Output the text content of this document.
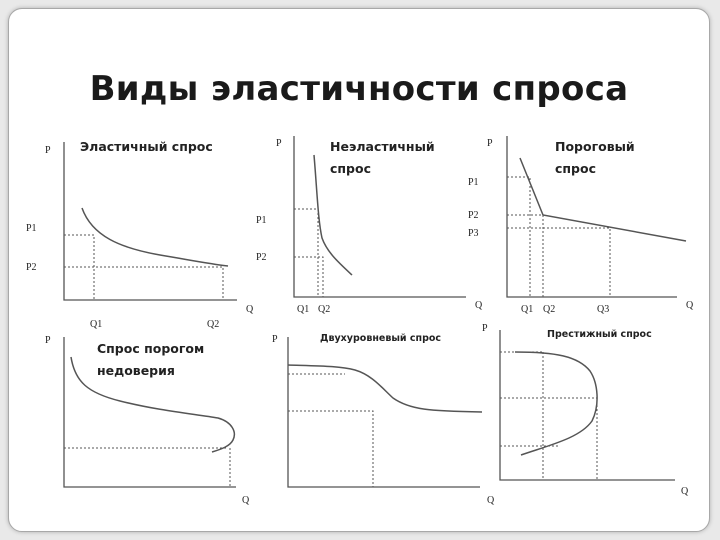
Виды эластичности спроса
Эластичный спрос
P
Q
P1
P2
Q1	Q2
Неэластичный
спрос
P
Q
P1
P2
Q1 Q2
Пороговый
спрос
P
Q
P1
P2
P3
Q1 Q2	Q3
Спрос порогом
недоверия
P
Q
Двухуровневый спрос
P
Q
Престижный спрос
P
Q
